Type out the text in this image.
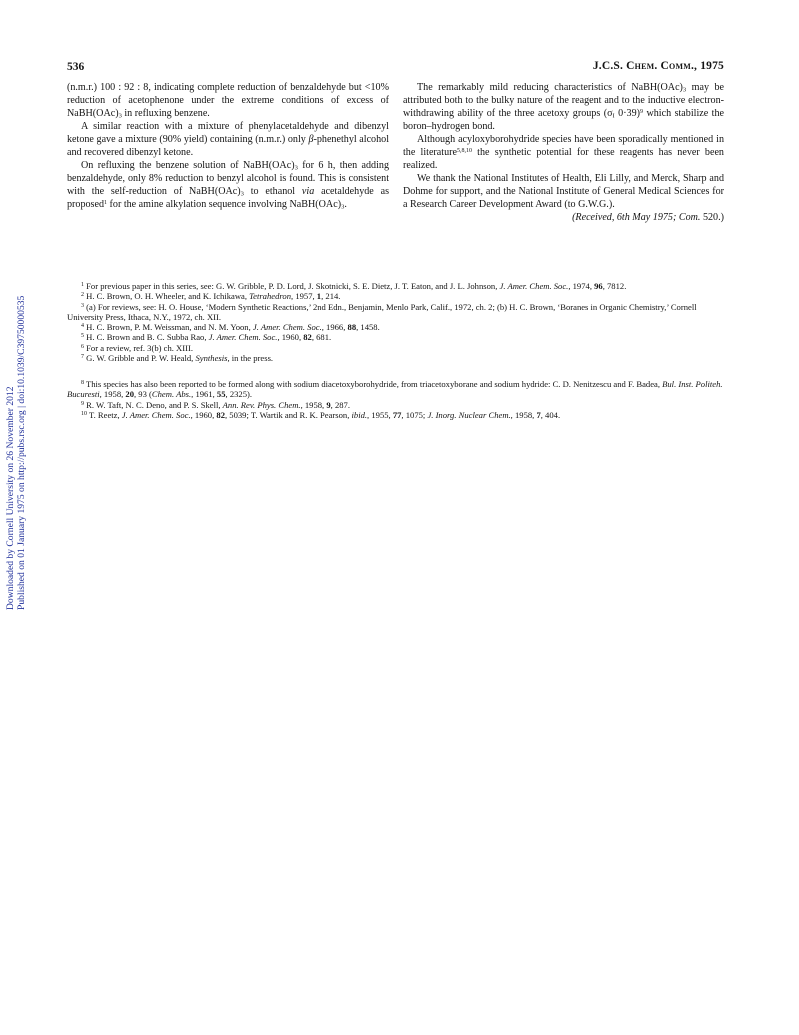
Downloaded by Cornell University on 26 November 2012 Published on 01 January 1975 on http://pubs.rsc.org | doi:10.1039/C39750000535
536	J.C.S. Chem. Comm., 1975

(n.m.r.) 100 : 92 : 8, indicating complete reduction of benzaldehyde but <10% reduction of acetophenone under the extreme conditions of excess of $NaBH(OAc)_3$ in refluxing benzene.

A similar reaction with a mixture of phenylacetaldehyde and dibenzyl ketone gave a mixture (90% yield) containing (n.m.r.) only β-phenethyl alcohol and recovered dibenzyl ketone.

On refluxing the benzene solution of $NaBH(OAc)_3$ for 6 h, then adding benzaldehyde, only 8% reduction to benzyl alcohol is found. This is consistent with the self-reduction of $NaBH(OAc)_3$ to ethanol via acetaldehyde as proposed$^1$ for the amine alkylation sequence involving $NaBH(OAc)_3$.

The remarkably mild reducing characteristics of $NaBH(OAc)_3$ may be attributed both to the bulky nature of the reagent and to the inductive electron-withdrawing ability of the three acetoxy groups ($\sigma_I$ 0·39)$^9$ which stabilize the boron–hydrogen bond.

Although acyloxyborohydride species have been sporadically mentioned in the literature$^{5,8,10}$ the synthetic potential for these reagents has never been realized.

We thank the National Institutes of Health, Eli Lilly, and Merck, Sharp and Dohme for support, and the National Institute of General Medical Sciences for a Research Career Development Award (to G.W.G.).

(Received, 6th May 1975; Com. 520.)

$^1$ For previous paper in this series, see: G. W. Gribble, P. D. Lord, J. Skotnicki, S. E. Dietz, J. T. Eaton, and J. L. Johnson, J. Amer. Chem. Soc., 1974, 96, 7812.

$^2$ H. C. Brown, O. H. Wheeler, and K. Ichikawa, Tetrahedron, 1957, 1, 214.

$^3$ (a) For reviews, see: H. O. House, ‘Modern Synthetic Reactions,’ 2nd Edn., Benjamin, Menlo Park, Calif., 1972, ch. 2; (b) H. C. Brown, ‘Boranes in Organic Chemistry,’ Cornell University Press, Ithaca, N.Y., 1972, ch. XII.

$^4$ H. C. Brown, P. M. Weissman, and N. M. Yoon, J. Amer. Chem. Soc., 1966, 88, 1458.

$^5$ H. C. Brown and B. C. Subba Rao, J. Amer. Chem. Soc., 1960, 82, 681.

$^6$ For a review, ref. 3(b) ch. XIII.

$^7$ G. W. Gribble and P. W. Heald, Synthesis, in the press.

$^8$ This species has also been reported to be formed along with sodium diacetoxyborohydride, from triacetoxyborane and sodium hydride: C. D. Nenitzescu and F. Badea, Bul. Inst. Politeh. Bucuresti, 1958, 20, 93 (Chem. Abs., 1961, 55, 2325).

$^9$ R. W. Taft, N. C. Deno, and P. S. Skell, Ann. Rev. Phys. Chem., 1958, 9, 287.

$^{10}$ T. Reetz, J. Amer. Chem. Soc., 1960, 82, 5039; T. Wartik and R. K. Pearson, ibid., 1955, 77, 1075; J. Inorg. Nuclear Chem., 1958, 7, 404.
